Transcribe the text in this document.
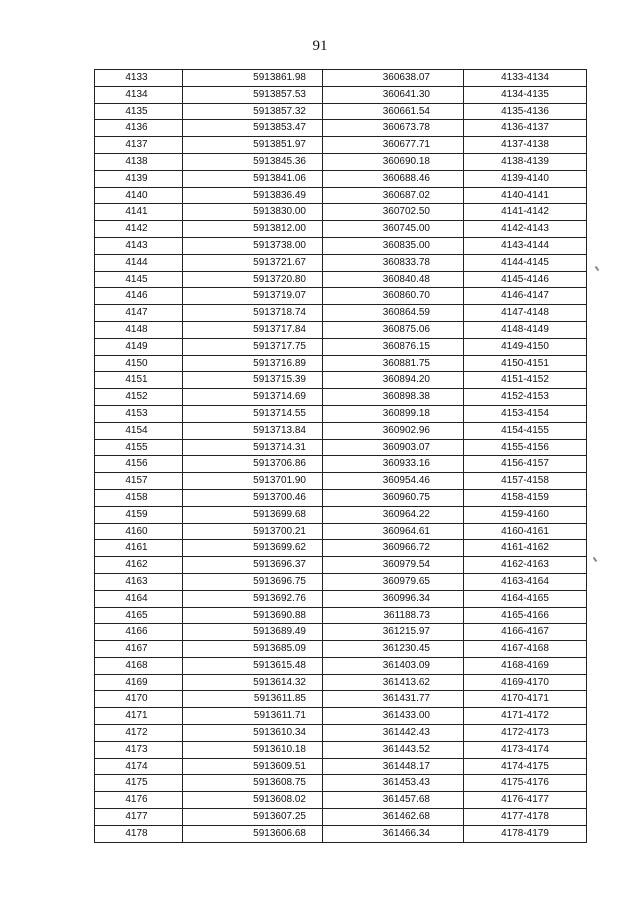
91
4133	5913861.98	360638.07	4133-4134
4134	5913857.53	360641.30	4134-4135
4135	5913857.32	360661.54	4135-4136
4136	5913853.47	360673.78	4136-4137
4137	5913851.97	360677.71	4137-4138
4138	5913845.36	360690.18	4138-4139
4139	5913841.06	360688.46	4139-4140
4140	5913836.49	360687.02	4140-4141
4141	5913830.00	360702.50	4141-4142
4142	5913812.00	360745.00	4142-4143
4143	5913738.00	360835.00	4143-4144
4144	5913721.67	360833.78	4144-4145
4145	5913720.80	360840.48	4145-4146
4146	5913719.07	360860.70	4146-4147
4147	5913718.74	360864.59	4147-4148
4148	5913717.84	360875.06	4148-4149
4149	5913717.75	360876.15	4149-4150
4150	5913716.89	360881.75	4150-4151
4151	5913715.39	360894.20	4151-4152
4152	5913714.69	360898.38	4152-4153
4153	5913714.55	360899.18	4153-4154
4154	5913713.84	360902.96	4154-4155
4155	5913714.31	360903.07	4155-4156
4156	5913706.86	360933.16	4156-4157
4157	5913701.90	360954.46	4157-4158
4158	5913700.46	360960.75	4158-4159
4159	5913699.68	360964.22	4159-4160
4160	5913700.21	360964.61	4160-4161
4161	5913699.62	360966.72	4161-4162
4162	5913696.37	360979.54	4162-4163
4163	5913696.75	360979.65	4163-4164
4164	5913692.76	360996.34	4164-4165
4165	5913690.88	361188.73	4165-4166
4166	5913689.49	361215.97	4166-4167
4167	5913685.09	361230.45	4167-4168
4168	5913615.48	361403.09	4168-4169
4169	5913614.32	361413.62	4169-4170
4170	5913611.85	361431.77	4170-4171
4171	5913611.71	361433.00	4171-4172
4172	5913610.34	361442.43	4172-4173
4173	5913610.18	361443.52	4173-4174
4174	5913609.51	361448.17	4174-4175
4175	5913608.75	361453.43	4175-4176
4176	5913608.02	361457.68	4176-4177
4177	5913607.25	361462.68	4177-4178
4178	5913606.68	361466.34	4178-4179
